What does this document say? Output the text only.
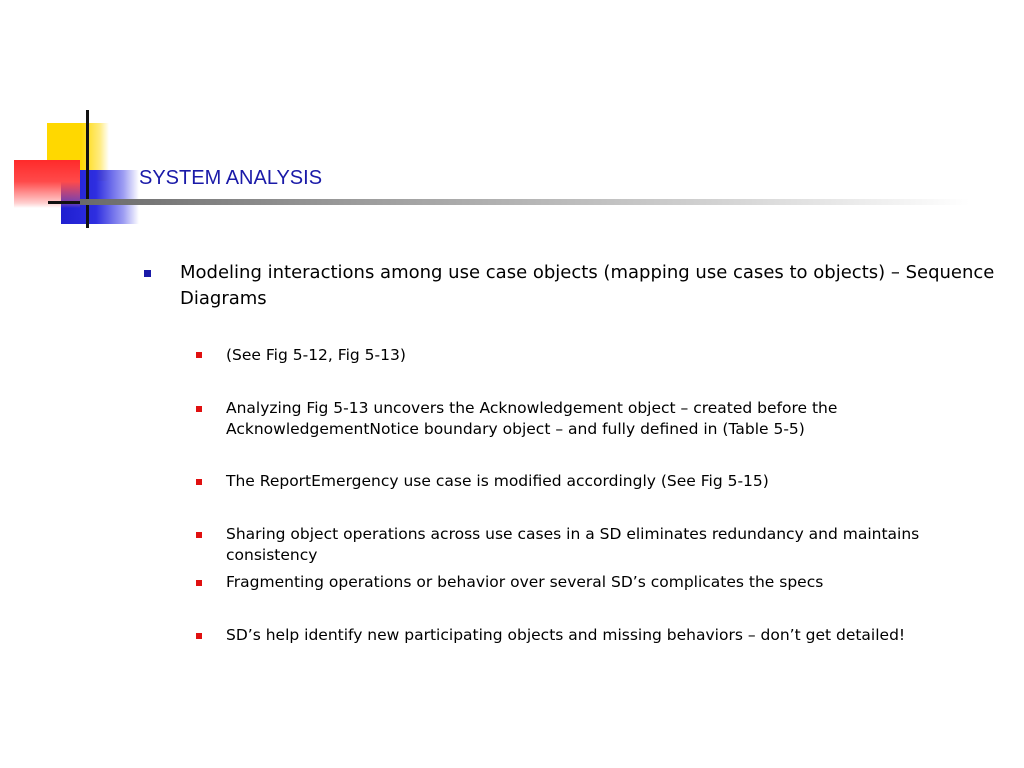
SYSTEM ANALYSIS
Modeling interactions among use case objects (mapping use cases to objects) – Sequence Diagrams
(See Fig 5-12, Fig 5-13)
Analyzing Fig 5-13 uncovers the Acknowledgement object – created before the AcknowledgementNotice boundary object – and fully defined in (Table 5-5)
The ReportEmergency use case is modified accordingly (See Fig 5-15)
Sharing object operations across use cases in a SD eliminates redundancy and maintains consistency
Fragmenting operations or behavior over several SD’s complicates the specs
SD’s help identify new participating objects and missing behaviors – don’t get detailed!
